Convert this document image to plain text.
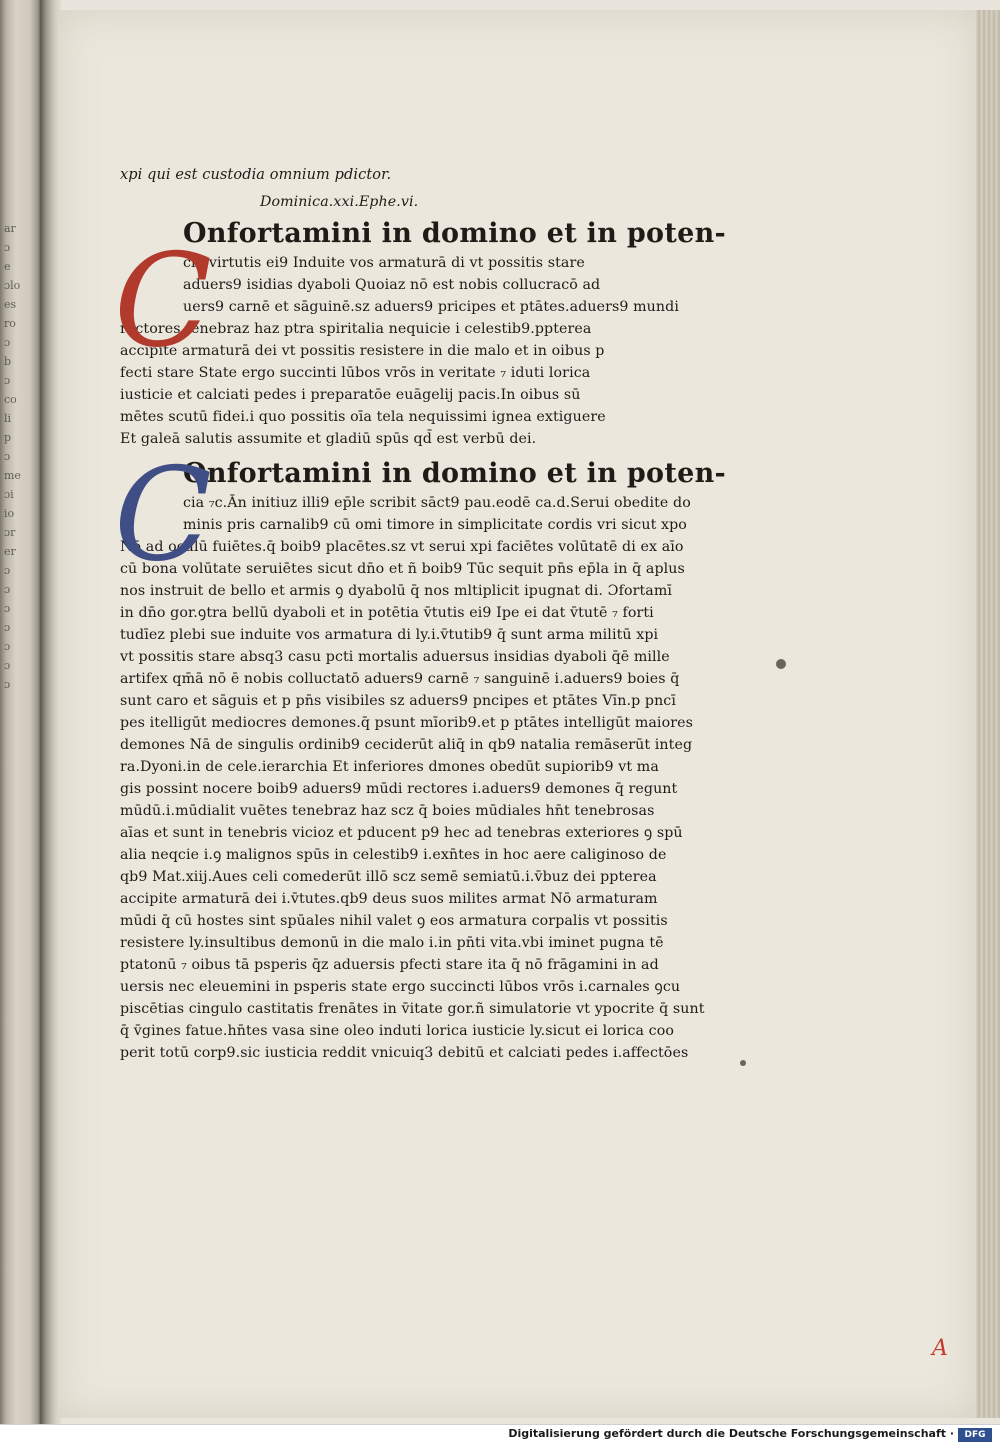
ar
ɔ
e
ɔlo
es
ro
ɔ
b
ɔ
co
li
p
ɔ
me
ɔi
io
ɔr
er
ɔ
ɔ
ɔ
ɔ
ɔ
ɔ
ɔ

xpi qui est custodia omnium pdictor.
Dominica.xxi.Ephe.vi.
C
Onfortamini in domino et in poten-
cia virtutis ei9 Induite vos armaturā di vt possitis stare
aduers9 isidias dyaboli Quoiaz nō est nobis collucracō ad
uers9 carnē et sāguinē.sz aduers9 pricipes et ptātes.aduers9 mundi
rectores tenebraz haz ptra spiritalia nequicie i celestib9.ppterea
accipite armaturā dei vt possitis resistere in die malo et in oibus p
fecti stare State ergo succinti lūbos vrōs in veritate ₇ iduti lorica
iusticie et calciati pedes i preparatōe euāgelij pacis.In oibus sū
mētes scutū fidei.i quo possitis oīa tela nequissimi ignea extiguere
Et galeā salutis assumite et gladiū spūs qd̄ est verbū dei.
C
Onfortamini in domino et in poten-
cia ₇c.Ān initiuz illi9 ep̄le scribit sāct9 pau.eodē ca.d.Serui obedite do
minis pris carnalib9 cū omi timore in simplicitate cordis vri sicut xpo
Nō ad oculū fuiētes.q̄ boib9 placētes.sz vt serui xpi faciētes volūtatē di ex aīo
cū bona volūtate seruiētes sicut dn̄o et ñ boib9 Tūc sequit pn̄s ep̄la in q̄ aplus
nos instruit de bello et armis ꝯ dyabolū q̄ nos mltiplicit ipugnat di. Ɔfortamī
in dn̄o gor.ꝯtra bellū dyaboli et in potētia v̄tutis ei9 Ipe ei dat v̄tutē ₇ forti
tudīez plebi sue induite vos armatura di ly.i.v̄tutib9 q̄ sunt arma militū xpi
vt possitis stare absq3 casu pcti mortalis aduersus insidias dyaboli q̄ē mille
artifex qm̄ā nō ē nobis colluctatō aduers9 carnē ₇ sanguinē i.aduers9 boies q̄
sunt caro et sāguis et p pn̄s visibiles sz aduers9 pncipes et ptātes Vīn.p pncī
pes itelligūt mediocres demones.q̄ psunt mīorib9.et p ptātes intelligūt maiores
demones Nā de singulis ordinib9 ceciderūt aliq̄ in qb9 natalia remāserūt integ
ra.Dyoni.in de cele.ierarchia Et inferiores dmones obedūt supiorib9 vt ma
gis possint nocere boib9 aduers9 mūdi rectores i.aduers9 demones q̄ regunt
mūdū.i.mūdialit vuētes tenebraz haz scz q̄ boies mūdiales hn̄t tenebrosas
aīas et sunt in tenebris vicioz et pducent p9 hec ad tenebras exteriores ꝯ spū
alia neqcie i.ꝯ malignos spūs in celestib9 i.exn̄tes in hoc aere caliginoso de
qb9 Mat.xiij.Aues celi comederūt illō scz semē semiatū.i.v̄buz dei ppterea
accipite armaturā dei i.v̄tutes.qb9 deus suos milites armat Nō armaturam
mūdi q̄ cū hostes sint spūales nihil valet ꝯ eos armatura corpalis vt possitis
resistere ly.insultibus demonū in die malo i.in pn̄ti vita.vbi iminet pugna tē
ptatonū ₇ oibus tā psperis q̄z aduersis pfecti stare ita q̄ nō frāgamini in ad
uersis nec eleuemini in psperis state ergo succincti lūbos vrōs i.carnales ꝯcu
piscētias cingulo castitatis frenātes in v̄itate gor.ñ simulatorie vt ypocrite q̄ sunt
q̄ v̄gines fatue.hn̄tes vasa sine oleo induti lorica iusticie ly.sicut ei lorica coo
perit totū corp9.sic iusticia reddit vnicuiq3 debitū et calciati pedes i.affectōes
A
Digitalisierung gefördert durch die Deutsche Forschungsgemeinschaft ·	DFG
